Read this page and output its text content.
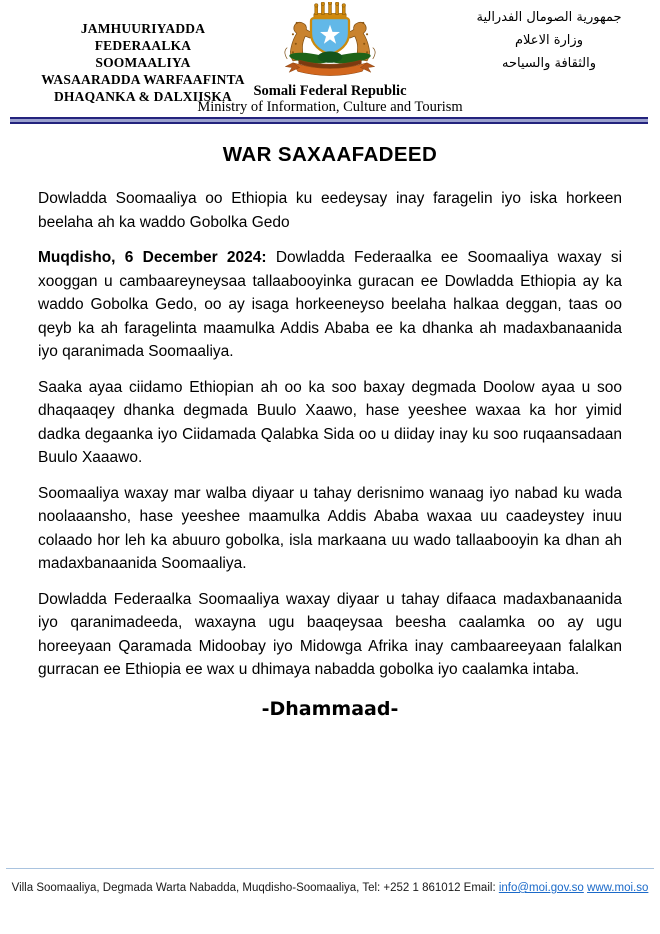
JAMHUURIYADDA FEDERAALKA
SOOMAALIYA
WASAARADDA WARFAAFINTA
DHAQANKA & DALXIISKA
جمهورية الصومال الفدرالية
وزارة الاعلام
والثقافة والسياحه
Somali Federal Republic
Ministry of Information, Culture and Tourism
WAR SAXAAFADEED

Dowladda Soomaaliya oo Ethiopia ku eedeysay inay faragelin iyo iska horkeen beelaha ah ka waddo Gobolka Gedo

Muqdisho, 6 December 2024: Dowladda Federaalka ee Soomaaliya waxay si xooggan u cambaareyneysaa tallaabooyinka guracan ee Dowladda Ethiopia ay ka waddo Gobolka Gedo, oo ay isaga horkeeneyso beelaha halkaa deggan, taas oo qeyb ka ah faragelinta maamulka Addis Ababa ee ka dhanka ah madaxbanaanida iyo qaranimada Soomaaliya.

Saaka ayaa ciidamo Ethiopian ah oo ka soo baxay degmada Doolow ayaa u soo dhaqaaqey dhanka degmada Buulo Xaawo, hase yeeshee waxaa ka hor yimid dadka degaanka iyo Ciidamada Qalabka Sida oo u diiday inay ku soo ruqaansadaan Buulo Xaaawo.

Soomaaliya waxay mar walba diyaar u tahay derisnimo wanaag iyo nabad ku wada noolaaansho, hase yeeshee maamulka Addis Ababa waxaa uu caadeystey inuu colaado hor leh ka abuuro gobolka, isla markaana uu wado tallaabooyin ka dhan ah madaxbanaanida Soomaaliya.

Dowladda Federaalka Soomaaliya waxay diyaar u tahay difaaca madaxbanaanida iyo qaranimadeeda, waxayna ugu baaqeysaa beesha caalamka oo ay ugu horeeyaan Qaramada Midoobay iyo Midowga Afrika inay cambaareeyaan falalkan gurracan ee Ethiopia ee wax u dhimaya nabadda gobolka iyo caalamka intaba.

-Dhammaad-
Villa Soomaaliya, Degmada Warta Nabadda, Muqdisho-Soomaaliya, Tel: +252 1 861012 Email: info@moi.gov.so www.moi.so
